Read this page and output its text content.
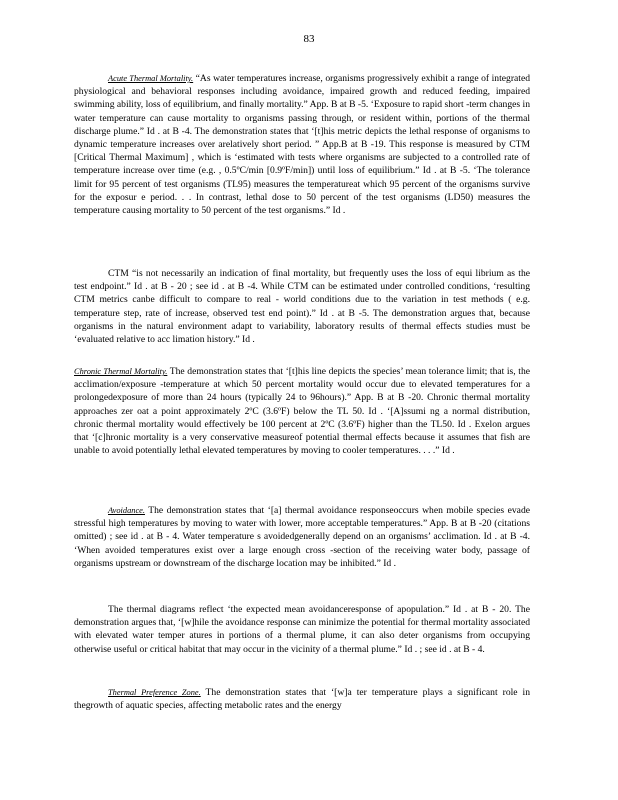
83

Acute Thermal Mortality. “As water temperatures increase, organisms progressively exhibit a range of integrated physiological and behavioral responses including avoidance, impaired growth and reduced feeding, impaired swimming ability, loss of equilibrium, and finally mortality.” App. B at B -5. ‘Exposure to rapid short -term changes in water temperature can cause mortality to organisms passing through, or resident within, portions of the thermal discharge plume.” Id . at B -4. The demonstration states that ‘[t]his metric depicts the lethal response of organisms to dynamic temperature increases over arelatively short period. ” App.B at B -19. This response is measured by CTM [Critical Thermal Maximum] , which is ‘estimated with tests where organisms are subjected to a controlled rate of temperature increase over time (e.g. , 0.5ºC/min [0.9ºF/min]) until loss of equilibrium.” Id . at B -5. ‘The tolerance limit for 95 percent of test organisms (TL95) measures the temperatureat which 95 percent of the organisms survive for the exposur e period. . . In contrast, lethal dose to 50 percent of the test organisms (LD50) measures the temperature causing mortality to 50 percent of the test organisms.” Id .

CTM “is not necessarily an indication of final mortality, but frequently uses the loss of equi librium as the test endpoint.” Id . at B - 20 ; see id . at B -4. While CTM can be estimated under controlled conditions, ‘resulting CTM metrics canbe difficult to compare to real - world conditions due to the variation in test methods ( e.g. temperature step, rate of increase, observed test end point).” Id . at B -5. The demonstration argues that, because organisms in the natural environment adapt to variability, laboratory results of thermal effects studies must be ‘evaluated relative to acc limation history.” Id .

Chronic Thermal Mortality. The demonstration states that ‘[t]his line depicts the species’ mean tolerance limit; that is, the acclimation/exposure -temperature at which 50 percent mortality would occur due to elevated temperatures for a prolongedexposure of more than 24 hours (typically 24 to 96hours).” App. B at B -20. Chronic thermal mortality approaches zer oat a point approximately 2ºC (3.6ºF) below the TL 50. Id . ‘[A]ssumi ng a normal distribution, chronic thermal mortality would effectively be 100 percent at 2ºC (3.6ºF) higher than the TL50. Id . Exelon argues that ‘[c]hronic mortality is a very conservative measureof potential thermal effects because it assumes that fish are unable to avoid potentially lethal elevated temperatures by moving to cooler temperatures. . . .” Id .

Avoidance. The demonstration states that ‘[a] thermal avoidance responseoccurs when mobile species evade stressful high temperatures by moving to water with lower, more acceptable temperatures.” App. B at B -20 (citations omitted) ; see id . at B - 4. Water temperature s avoidedgenerally depend on an organisms’ acclimation. Id . at B -4. ‘When avoided temperatures exist over a large enough cross -section of the receiving water body, passage of organisms upstream or downstream of the discharge location may be inhibited.” Id .

The thermal diagrams reflect ‘the expected mean avoidanceresponse of apopulation.” Id . at B - 20. The demonstration argues that, ‘[w]hile the avoidance response can minimize the potential for thermal mortality associated with elevated water temper atures in portions of a thermal plume, it can also deter organisms from occupying otherwise useful or critical habitat that may occur in the vicinity of a thermal plume.” Id . ; see id . at B - 4.

Thermal Preference Zone. The demonstration states that ‘[w]a ter temperature plays a significant role in thegrowth of aquatic species, affecting metabolic rates and the energy
